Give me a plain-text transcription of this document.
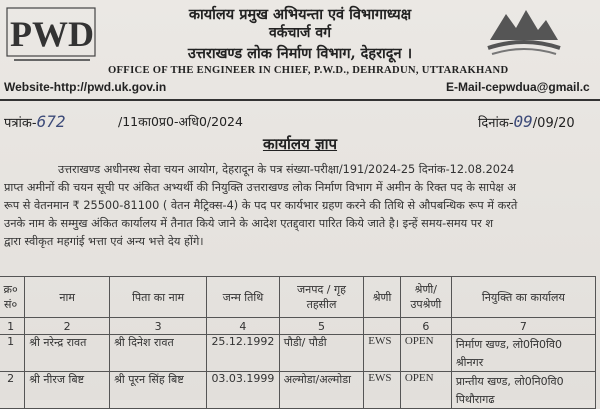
PWD	कार्यालय प्रमुख अभियन्ता एवं विभागाध्यक्ष
वर्कचार्ज वर्ग
उत्तराखण्ड लोक निर्माण विभाग, देहरादून ।
OFFICE OF THE ENGINEER IN CHIEF, P.W.D., DEHRADUN, UTTARAKHAND
Website-http://pwd.uk.gov.in	E-Mail-cepwdua@gmail.c
पत्रांक-672	/11का0प्र0-अधि0/2024	दिनांक-09/09/20
कार्यालय ज्ञाप
उत्तराखण्ड अधीनस्थ सेवा चयन आयोग, देहरादून के पत्र संख्या-परीक्षा/191/2024-25 दिनांक-12.08.2024
प्राप्त अमीनों की चयन सूची पर अंकित अभ्यर्थी की नियुक्ति उत्तराखण्ड लोक निर्माण विभाग में अमीन के रिक्त पद के सापेक्ष अ
रूप से वेतनमान ₹ 25500-81100 ( वेतन मैट्रिक्स-4) के पद पर कार्यभार ग्रहण करने की तिथि से औपबन्धिक रूप में करते
उनके नाम के सम्मुख अंकित कार्यालय में तैनात किये जाने के आदेश एतद्द्वारा पारित किये जाते है। इन्हें समय-समय पर श
द्वारा स्वीकृत महगांई भत्ता एवं अन्य भत्ते देय होंगे।
क्र० सं०	नाम	पिता का नाम	जन्म तिथि	जनपद / गृह तहसील	श्रेणी	श्रेणी/ उपश्रेणी	नियुक्ति का कार्यालय
1	2	3	4	5		6	7
1	श्री नरेन्द्र रावत	श्री दिनेश रावत	25.12.1992	पौडी/ पौडी	EWS	OPEN	निर्माण खण्ड, लो0नि0वि0
							श्रीनगर
2	श्री नीरज बिष्ट	श्री पूरन सिंह बिष्ट	03.03.1999	अल्मोडा/अल्मोडा	EWS	OPEN	प्रान्तीय खण्ड, लो0नि0वि0
							पिथौरागढ
